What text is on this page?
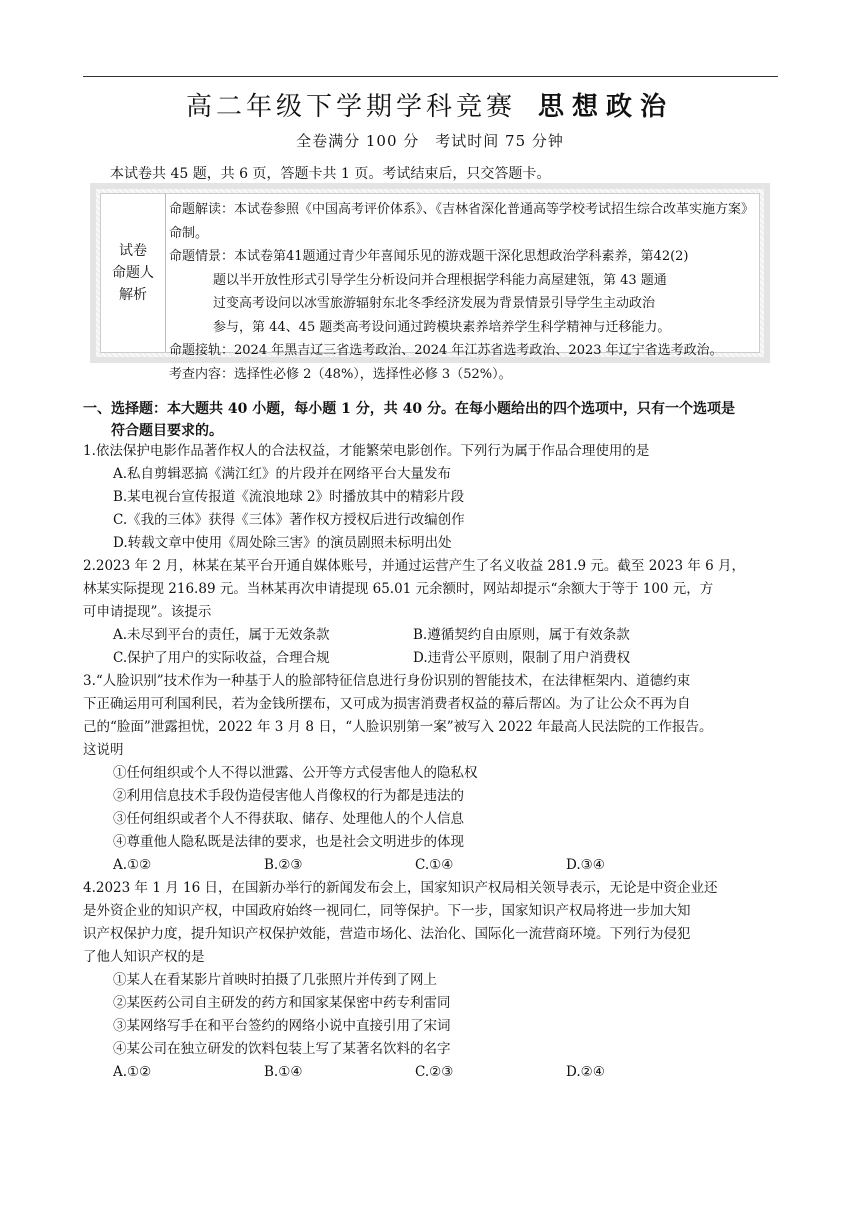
高二年级下学期学科竞赛 思想政治
全卷满分 100 分　考试时间 75 分钟
本试卷共 45 题，共 6 页，答题卡共 1 页。考试结束后，只交答题卡。
试卷
命题人
解析

命题解读：本试卷参照《中国高考评价体系》、《吉林省深化普通高等学校考试招生综合改革实施方案》命制。

命题情景：本试卷第41题通过青少年喜闻乐见的游戏题干深化思想政治学科素养，第42(2)

题以半开放性形式引导学生分析设问并合理根据学科能力高屋建瓴，第 43 题通

过变高考设问以冰雪旅游辐射东北冬季经济发展为背景情景引导学生主动政治

参与，第 44、45 题类高考设问通过跨模块素养培养学生科学精神与迁移能力。

命题接轨：2024 年黑吉辽三省选考政治、2024 年江苏省选考政治、2023 年辽宁省选考政治。

考查内容：选择性必修 2（48%），选择性必修 3（52%）。

一、选择题：本大题共 40 小题，每小题 1 分，共 40 分。在每小题给出的四个选项中，只有一个选项是
符合题目要求的。

1.依法保护电影作品著作权人的合法权益，才能繁荣电影创作。下列行为属于作品合理使用的是

A.私自剪辑恶搞《满江红》的片段并在网络平台大量发布

B.某电视台宣传报道《流浪地球 2》时播放其中的精彩片段

C.《我的三体》获得《三体》著作权方授权后进行改编创作

D.转载文章中使用《周处除三害》的演员剧照未标明出处

2.2023 年 2 月，林某在某平台开通自媒体账号，并通过运营产生了名义收益 281.9 元。截至 2023 年 6 月，

林某实际提现 216.89 元。当林某再次申请提现 65.01 元余额时，网站却提示“余额大于等于 100 元，方

可申请提现”。该提示

A.未尽到平台的责任，属于无效条款	B.遵循契约自由原则，属于有效条款
C.保护了用户的实际收益，合理合规	D.违背公平原则，限制了用户消费权

3.“人脸识别”技术作为一种基于人的脸部特征信息进行身份识别的智能技术，在法律框架内、道德约束

下正确运用可利国利民，若为金钱所摆布，又可成为损害消费者权益的幕后帮凶。为了让公众不再为自

己的“脸面”泄露担忧，2022 年 3 月 8 日，“人脸识别第一案”被写入 2022 年最高人民法院的工作报告。

这说明

①任何组织或个人不得以泄露、公开等方式侵害他人的隐私权

②利用信息技术手段伪造侵害他人肖像权的行为都是违法的

③任何组织或者个人不得获取、储存、处理他人的个人信息

④尊重他人隐私既是法律的要求，也是社会文明进步的体现

A.①②	B.②③	C.①④	D.③④

4.2023 年 1 月 16 日，在国新办举行的新闻发布会上，国家知识产权局相关领导表示，无论是中资企业还

是外资企业的知识产权，中国政府始终一视同仁，同等保护。下一步，国家知识产权局将进一步加大知

识产权保护力度，提升知识产权保护效能，营造市场化、法治化、国际化一流营商环境。下列行为侵犯

了他人知识产权的是

①某人在看某影片首映时拍摄了几张照片并传到了网上

②某医药公司自主研发的药方和国家某保密中药专利雷同

③某网络写手在和平台签约的网络小说中直接引用了宋词

④某公司在独立研发的饮料包装上写了某著名饮料的名字

A.①②	B.①④	C.②③	D.②④
